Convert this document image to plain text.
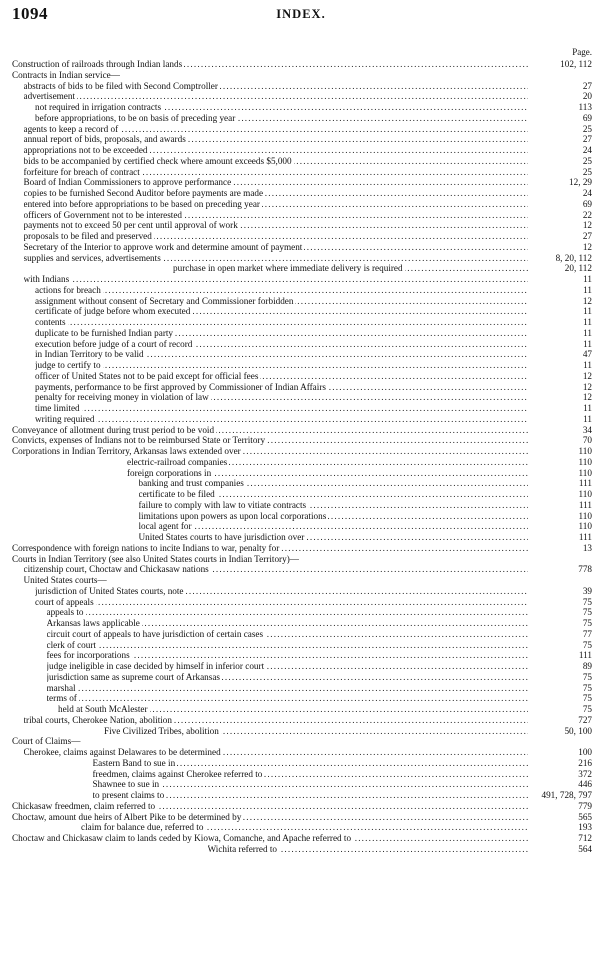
1094	INDEX.
Page.
Construction of railroads through Indian lands .....	102, 112
Contracts in Indian service—
abstracts of bids to be filed with Second Comptroller .....	27
advertisement .....	20
not required in irrigation contracts .....	113
before appropriations, to be on basis of preceding year .....	69
agents to keep a record of .....	25
annual report of bids, proposals, and awards .....	27
appropriations not to be exceeded .....	24
bids to be accompanied by certified check where amount exceeds $5,000 .....	25
forfeiture for breach of contract .....	25
Board of Indian Commissioners to approve performance .....	12, 29
copies to be furnished Second Auditor before payments are made .....	24
entered into before appropriations to be based on preceding year .....	69
officers of Government not to be interested .....	22
payments not to exceed 50 per cent until approval of work .....	12
proposals to be filed and preserved .....	27
Secretary of the Interior to approve work and determine amount of payment .....	12
supplies and services, advertisements .....	8, 20, 112
purchase in open market where immediate delivery is required .....	20, 112
with Indians .....	11
actions for breach .....	11
assignment without consent of Secretary and Commissioner forbidden .....	12
certificate of judge before whom executed .....	11
contents .....	11
duplicate to be furnished Indian party .....	11
execution before judge of a court of record .....	11
in Indian Territory to be valid .....	47
judge to certify to .....	11
officer of United States not to be paid except for official fees .....	12
payments, performance to be first approved by Commissioner of Indian Affairs .....	12
penalty for receiving money in violation of law .....	12
time limited .....	11
writing required .....	11
Conveyance of allotment during trust period to be void .....	34
Convicts, expenses of Indians not to be reimbursed State or Territory .....	70
Corporations in Indian Territory, Arkansas laws extended over .....	110
electric-railroad companies .....	110
foreign corporations in .....	110
banking and trust companies .....	111
certificate to be filed .....	110
failure to comply with law to vitiate contracts .....	111
limitations upon powers as upon local corporations .....	110
local agent for .....	110
United States courts to have jurisdiction over .....	111
Correspondence with foreign nations to incite Indians to war, penalty for .....	13
Courts in Indian Territory (see also United States courts in Indian Territory)—
citizenship court, Choctaw and Chickasaw nations .....	778
United States courts—
jurisdiction of United States courts, note .....	39
court of appeals .....	75
appeals to .....	75
Arkansas laws applicable .....	75
circuit court of appeals to have jurisdiction of certain cases .....	77
clerk of court .....	75
fees for incorporations .....	111
judge ineligible in case decided by himself in inferior court .....	89
jurisdiction same as supreme court of Arkansas .....	75
marshal .....	75
terms of .....	75
held at South McAlester .....	75
tribal courts, Cherokee Nation, abolition .....	727
Five Civilized Tribes, abolition .....	50, 100
Court of Claims—
Cherokee, claims against Delawares to be determined .....	100
Eastern Band to sue in .....	216
freedmen, claims against Cherokee referred to .....	372
Shawnee to sue in .....	446
to present claims to .....	491, 728, 797
Chickasaw freedmen, claim referred to .....	779
Choctaw, amount due heirs of Albert Pike to be determined by .....	565
claim for balance due, referred to .....	193
Choctaw and Chickasaw claim to lands ceded by Kiowa, Comanche, and Apache referred to .....	712
Wichita referred to .....	564
